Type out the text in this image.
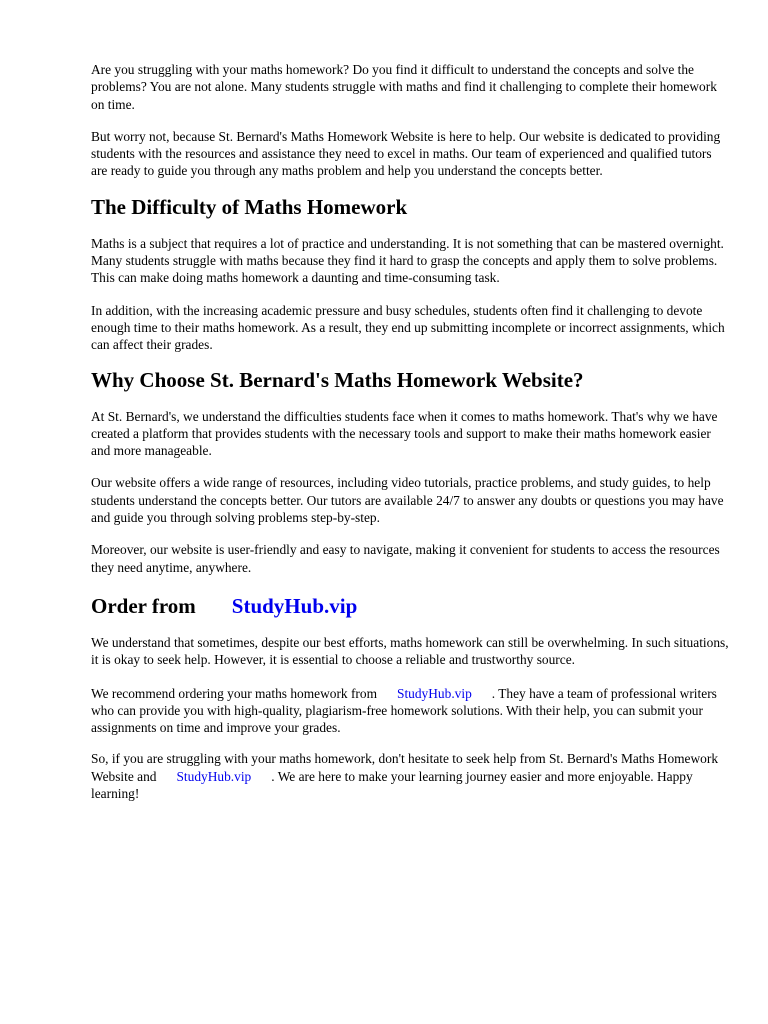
Are you struggling with your maths homework? Do you find it difficult to understand the concepts and solve the problems? You are not alone. Many students struggle with maths and find it challenging to complete their homework on time.

But worry not, because St. Bernard's Maths Homework Website is here to help. Our website is dedicated to providing students with the resources and assistance they need to excel in maths. Our team of experienced and qualified tutors are ready to guide you through any maths problem and help you understand the concepts better.

The Difficulty of Maths Homework

Maths is a subject that requires a lot of practice and understanding. It is not something that can be mastered overnight. Many students struggle with maths because they find it hard to grasp the concepts and apply them to solve problems. This can make doing maths homework a daunting and time-consuming task.

In addition, with the increasing academic pressure and busy schedules, students often find it challenging to devote enough time to their maths homework. As a result, they end up submitting incomplete or incorrect assignments, which can affect their grades.

Why Choose St. Bernard's Maths Homework Website?

At St. Bernard's, we understand the difficulties students face when it comes to maths homework. That's why we have created a platform that provides students with the necessary tools and support to make their maths homework easier and more manageable.

Our website offers a wide range of resources, including video tutorials, practice problems, and study guides, to help students understand the concepts better. Our tutors are available 24/7 to answer any doubts or questions you may have and guide you through solving problems step-by-step.

Moreover, our website is user-friendly and easy to navigate, making it convenient for students to access the resources they need anytime, anywhere.

Order from StudyHub.vip

We understand that sometimes, despite our best efforts, maths homework can still be overwhelming. In such situations, it is okay to seek help. However, it is essential to choose a reliable and trustworthy source.

We recommend ordering your maths homework from StudyHub.vip . They have a team of professional writers who can provide you with high-quality, plagiarism-free homework solutions. With their help, you can submit your assignments on time and improve your grades.

So, if you are struggling with your maths homework, don't hesitate to seek help from St. Bernard's Maths Homework Website and StudyHub.vip . We are here to make your learning journey easier and more enjoyable. Happy learning!
